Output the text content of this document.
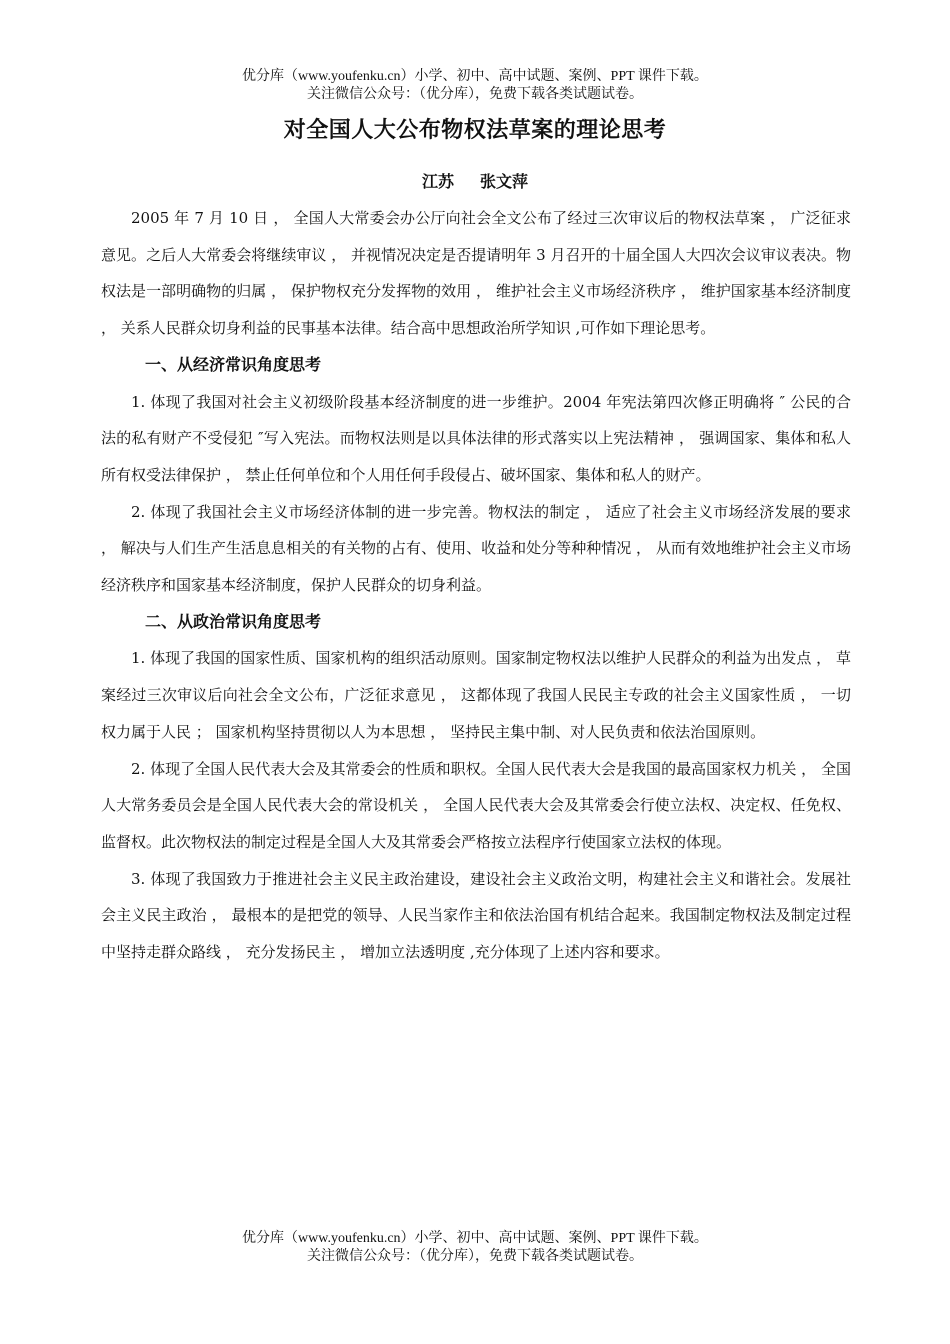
优分库（www.youfenku.cn）小学、初中、高中试题、案例、PPT 课件下载。
关注微信公众号：（优分库），免费下载各类试题试卷。
对全国人大公布物权法草案的理论思考
江苏 张文萍

2005 年 7 月 10 日 ， 全国人大常委会办公厅向社会全文公布了经过三次审议后的物权法草案 ， 广泛征求意见。之后人大常委会将继续审议 ， 并视情况决定是否提请明年 3 月召开的十届全国人大四次会议审议表决。物权法是一部明确物的归属 ， 保护物权充分发挥物的效用 ， 维护社会主义市场经济秩序 ， 维护国家基本经济制度 ， 关系人民群众切身利益的民事基本法律。结合高中思想政治所学知识 ,可作如下理论思考。

一、从经济常识角度思考

1. 体现了我国对社会主义初级阶段基本经济制度的进一步维护。2004 年宪法第四次修正明确将 ″ 公民的合法的私有财产不受侵犯 ″写入宪法。而物权法则是以具体法律的形式落实以上宪法精神 ， 强调国家、集体和私人所有权受法律保护 ， 禁止任何单位和个人用任何手段侵占、破坏国家、集体和私人的财产。

2. 体现了我国社会主义市场经济体制的进一步完善。物权法的制定 ， 适应了社会主义市场经济发展的要求 ， 解决与人们生产生活息息相关的有关物的占有、使用、收益和处分等种种情况 ， 从而有效地维护社会主义市场经济秩序和国家基本经济制度，保护人民群众的切身利益。

二、从政治常识角度思考

1. 体现了我国的国家性质、国家机构的组织活动原则。国家制定物权法以维护人民群众的利益为出发点 ， 草案经过三次审议后向社会全文公布，广泛征求意见 ， 这都体现了我国人民民主专政的社会主义国家性质 ， 一切权力属于人民 ； 国家机构坚持贯彻以人为本思想 ， 坚持民主集中制、对人民负责和依法治国原则。

2. 体现了全国人民代表大会及其常委会的性质和职权。全国人民代表大会是我国的最高国家权力机关 ， 全国人大常务委员会是全国人民代表大会的常设机关 ， 全国人民代表大会及其常委会行使立法权、决定权、任免权、监督权。此次物权法的制定过程是全国人大及其常委会严格按立法程序行使国家立法权的体现。

3. 体现了我国致力于推进社会主义民主政治建设，建设社会主义政治文明，构建社会主义和谐社会。发展社会主义民主政治 ， 最根本的是把党的领导、人民当家作主和依法治国有机结合起来。我国制定物权法及制定过程中坚持走群众路线 ， 充分发扬民主 ， 增加立法透明度 ,充分体现了上述内容和要求。

优分库（www.youfenku.cn）小学、初中、高中试题、案例、PPT 课件下载。
关注微信公众号：（优分库），免费下载各类试题试卷。
